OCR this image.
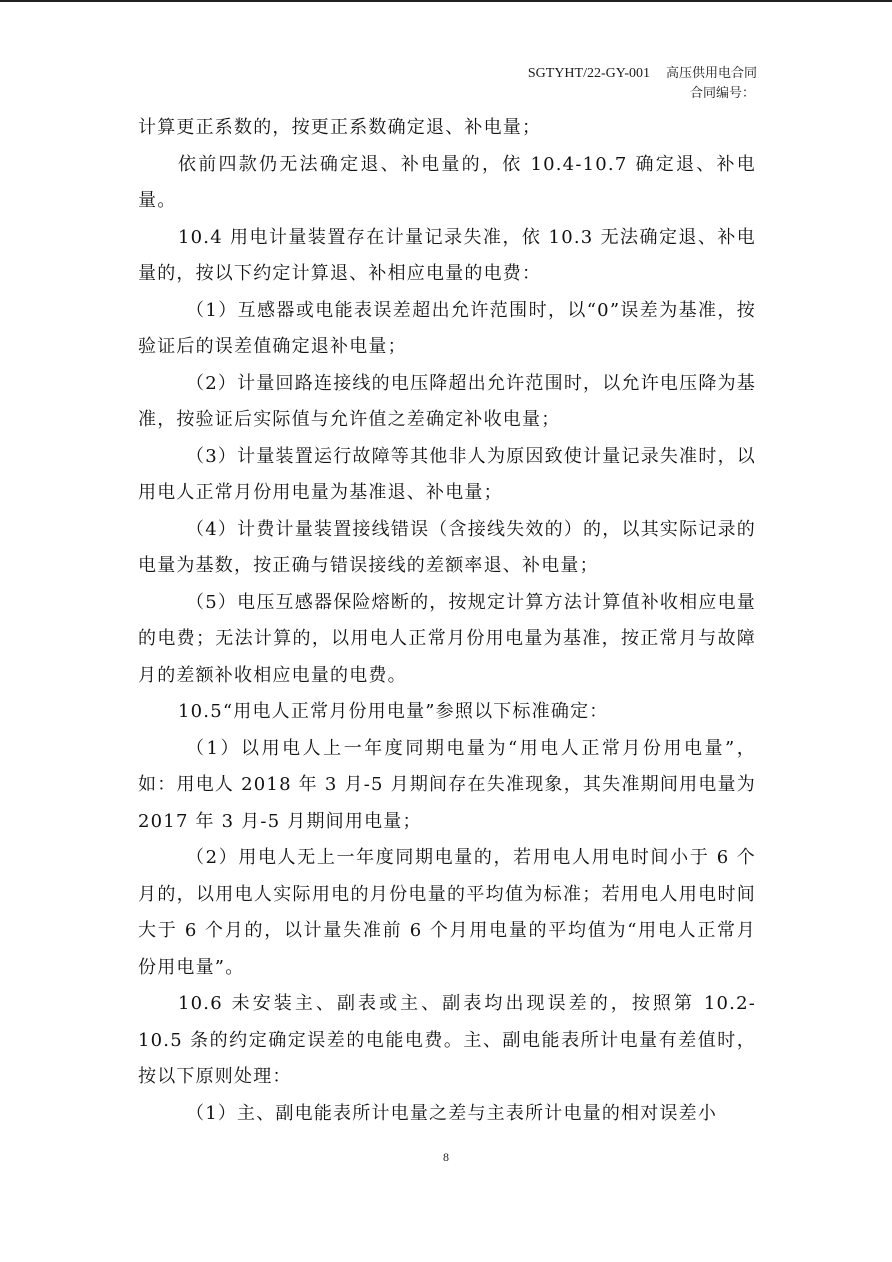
SGTYHT/22-GY-001 高压供用电合同
合同编号：

计算更正系数的，按更正系数确定退、补电量；

依前四款仍无法确定退、补电量的，依 10.4-10.7 确定退、补电量。

10.4 用电计量装置存在计量记录失准，依 10.3 无法确定退、补电量的，按以下约定计算退、补相应电量的电费：

（1）互感器或电能表误差超出允许范围时，以“0”误差为基准，按验证后的误差值确定退补电量；

（2）计量回路连接线的电压降超出允许范围时，以允许电压降为基准，按验证后实际值与允许值之差确定补收电量；

（3）计量装置运行故障等其他非人为原因致使计量记录失准时，以用电人正常月份用电量为基准退、补电量；

（4）计费计量装置接线错误（含接线失效的）的，以其实际记录的电量为基数，按正确与错误接线的差额率退、补电量；

（5）电压互感器保险熔断的，按规定计算方法计算值补收相应电量的电费；无法计算的，以用电人正常月份用电量为基准，按正常月与故障月的差额补收相应电量的电费。

10.5“用电人正常月份用电量”参照以下标准确定：

（1）以用电人上一年度同期电量为“用电人正常月份用电量”，如：用电人 2018 年 3 月-5 月期间存在失准现象，其失准期间用电量为 2017 年 3 月-5 月期间用电量；

（2）用电人无上一年度同期电量的，若用电人用电时间小于 6 个月的，以用电人实际用电的月份电量的平均值为标准；若用电人用电时间大于 6 个月的，以计量失准前 6 个月用电量的平均值为“用电人正常月份用电量”。

10.6 未安装主、副表或主、副表均出现误差的，按照第 10.2-10.5 条的约定确定误差的电能电费。主、副电能表所计电量有差值时，按以下原则处理：

（1）主、副电能表所计电量之差与主表所计电量的相对误差小

8
